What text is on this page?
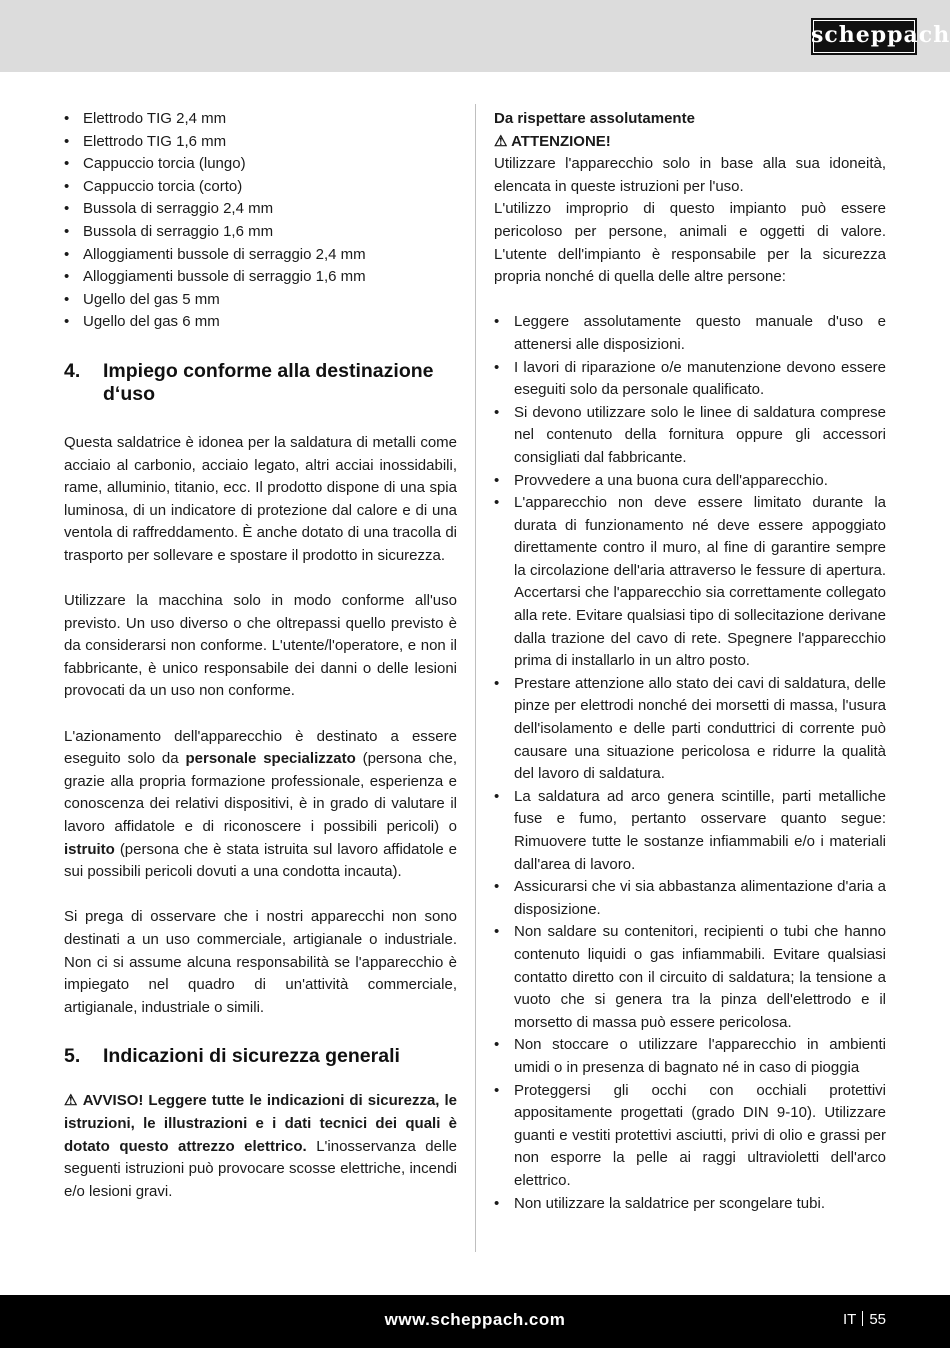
scheppach
• Elettrodo TIG 2,4 mm
• Elettrodo TIG 1,6 mm
• Cappuccio torcia (lungo)
• Cappuccio torcia (corto)
• Bussola di serraggio 2,4 mm
• Bussola di serraggio 1,6 mm
• Alloggiamenti bussole di serraggio 2,4 mm
• Alloggiamenti bussole di serraggio 1,6 mm
• Ugello del gas 5 mm
• Ugello del gas 6 mm
4.	Impiego conforme alla destinazione d‘uso

Questa saldatrice è idonea per la saldatura di metalli come acciaio al carbonio, acciaio legato, altri acciai inossidabili, rame, alluminio, titanio, ecc. Il prodotto dispone di una spia luminosa, di un indicatore di protezione dal calore e di una ventola di raffreddamento. È anche dotato di una tracolla di trasporto per sollevare e spostare il prodotto in sicurezza.

Utilizzare la macchina solo in modo conforme all'uso previsto. Un uso diverso o che oltrepassi quello previsto è da considerarsi non conforme. L'utente/l'operatore, e non il fabbricante, è unico responsabile dei danni o delle lesioni provocati da un uso non conforme.

L'azionamento dell'apparecchio è destinato a essere eseguito solo da personale specializzato (persona che, grazie alla propria formazione professionale, esperienza e conoscenza dei relativi dispositivi, è in grado di valutare il lavoro affidatole e di riconoscere i possibili pericoli) o istruito (persona che è stata istruita sul lavoro affidatole e sui possibili pericoli dovuti a una condotta incauta).

Si prega di osservare che i nostri apparecchi non sono destinati a un uso commerciale, artigianale o industriale. Non ci si assume alcuna responsabilità se l'apparecchio è impiegato nel quadro di un'attività commerciale, artigianale, industriale o simili.

5.	Indicazioni di sicurezza generali

⚠ AVVISO! Leggere tutte le indicazioni di sicurezza, le istruzioni, le illustrazioni e i dati tecnici dei quali è dotato questo attrezzo elettrico. L'inosservanza delle seguenti istruzioni può provocare scosse elettriche, incendi e/o lesioni gravi.

Da rispettare assolutamente

⚠ ATTENZIONE!

Utilizzare l'apparecchio solo in base alla sua idoneità, elencata in queste istruzioni per l'uso.

L'utilizzo improprio di questo impianto può essere pericoloso per persone, animali e oggetti di valore. L'utente dell'impianto è responsabile per la sicurezza propria nonché di quella delle altre persone:

• Leggere assolutamente questo manuale d'uso e attenersi alle disposizioni.
• I lavori di riparazione o/e manutenzione devono essere eseguiti solo da personale qualificato.
• Si devono utilizzare solo le linee di saldatura comprese nel contenuto della fornitura oppure gli accessori consigliati dal fabbricante.
• Provvedere a una buona cura dell'apparecchio.
• L'apparecchio non deve essere limitato durante la durata di funzionamento né deve essere appoggiato direttamente contro il muro, al fine di garantire sempre la circolazione dell'aria attraverso le fessure di apertura. Accertarsi che l'apparecchio sia correttamente collegato alla rete. Evitare qualsiasi tipo di sollecitazione derivane dalla trazione del cavo di rete. Spegnere l'apparecchio prima di installarlo in un altro posto.
• Prestare attenzione allo stato dei cavi di saldatura, delle pinze per elettrodi nonché dei morsetti di massa, l'usura dell'isolamento e delle parti conduttrici di corrente può causare una situazione pericolosa e ridurre la qualità del lavoro di saldatura.
• La saldatura ad arco genera scintille, parti metalliche fuse e fumo, pertanto osservare quanto segue: Rimuovere tutte le sostanze infiammabili e/o i materiali dall'area di lavoro.
• Assicurarsi che vi sia abbastanza alimentazione d'aria a disposizione.
• Non saldare su contenitori, recipienti o tubi che hanno contenuto liquidi o gas infiammabili. Evitare qualsiasi contatto diretto con il circuito di saldatura; la tensione a vuoto che si genera tra la pinza dell'elettrodo e il morsetto di massa può essere pericolosa.
• Non stoccare o utilizzare l'apparecchio in ambienti umidi o in presenza di bagnato né in caso di pioggia
• Proteggersi gli occhi con occhiali protettivi appositamente progettati (grado DIN 9-10). Utilizzare guanti e vestiti protettivi asciutti, privi di olio e grassi per non esporre la pelle ai raggi ultravioletti dell'arco elettrico.
• Non utilizzare la saldatrice per scongelare tubi.
www.scheppach.com	IT 55
